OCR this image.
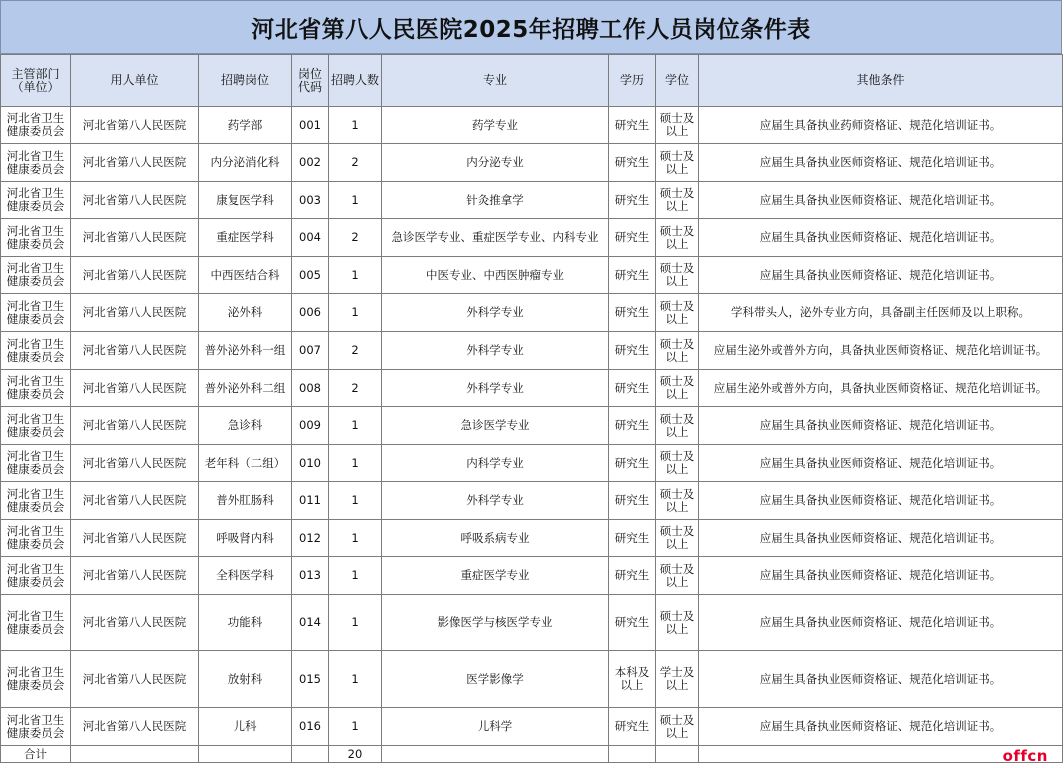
河北省第八人民医院2025年招聘工作人员岗位条件表
主管部门（单位）	用人单位	招聘岗位	岗位代码	招聘人数	专业	学历	学位	其他条件
河北省卫生健康委员会	河北省第八人民医院	药学部	001	1	药学专业	研究生	硕士及以上	应届生具备执业药师资格证、规范化培训证书。
河北省卫生健康委员会	河北省第八人民医院	内分泌消化科	002	2	内分泌专业	研究生	硕士及以上	应届生具备执业医师资格证、规范化培训证书。
河北省卫生健康委员会	河北省第八人民医院	康复医学科	003	1	针灸推拿学	研究生	硕士及以上	应届生具备执业医师资格证、规范化培训证书。
河北省卫生健康委员会	河北省第八人民医院	重症医学科	004	2	急诊医学专业、重症医学专业、内科专业	研究生	硕士及以上	应届生具备执业医师资格证、规范化培训证书。
河北省卫生健康委员会	河北省第八人民医院	中西医结合科	005	1	中医专业、中西医肿瘤专业	研究生	硕士及以上	应届生具备执业医师资格证、规范化培训证书。
河北省卫生健康委员会	河北省第八人民医院	泌外科	006	1	外科学专业	研究生	硕士及以上	学科带头人，泌外专业方向，具备副主任医师及以上职称。
河北省卫生健康委员会	河北省第八人民医院	普外泌外科一组	007	2	外科学专业	研究生	硕士及以上	应届生泌外或普外方向，具备执业医师资格证、规范化培训证书。
河北省卫生健康委员会	河北省第八人民医院	普外泌外科二组	008	2	外科学专业	研究生	硕士及以上	应届生泌外或普外方向，具备执业医师资格证、规范化培训证书。
河北省卫生健康委员会	河北省第八人民医院	急诊科	009	1	急诊医学专业	研究生	硕士及以上	应届生具备执业医师资格证、规范化培训证书。
河北省卫生健康委员会	河北省第八人民医院	老年科（二组）	010	1	内科学专业	研究生	硕士及以上	应届生具备执业医师资格证、规范化培训证书。
河北省卫生健康委员会	河北省第八人民医院	普外肛肠科	011	1	外科学专业	研究生	硕士及以上	应届生具备执业医师资格证、规范化培训证书。
河北省卫生健康委员会	河北省第八人民医院	呼吸肾内科	012	1	呼吸系病专业	研究生	硕士及以上	应届生具备执业医师资格证、规范化培训证书。
河北省卫生健康委员会	河北省第八人民医院	全科医学科	013	1	重症医学专业	研究生	硕士及以上	应届生具备执业医师资格证、规范化培训证书。
河北省卫生健康委员会	河北省第八人民医院	功能科	014	1	影像医学与核医学专业	研究生	硕士及以上	应届生具备执业医师资格证、规范化培训证书。
河北省卫生健康委员会	河北省第八人民医院	放射科	015	1	医学影像学	本科及以上	学士及以上	应届生具备执业医师资格证、规范化培训证书。
河北省卫生健康委员会	河北省第八人民医院	儿科	016	1	儿科学	研究生	硕士及以上	应届生具备执业医师资格证、规范化培训证书。
合计				20					offcn
